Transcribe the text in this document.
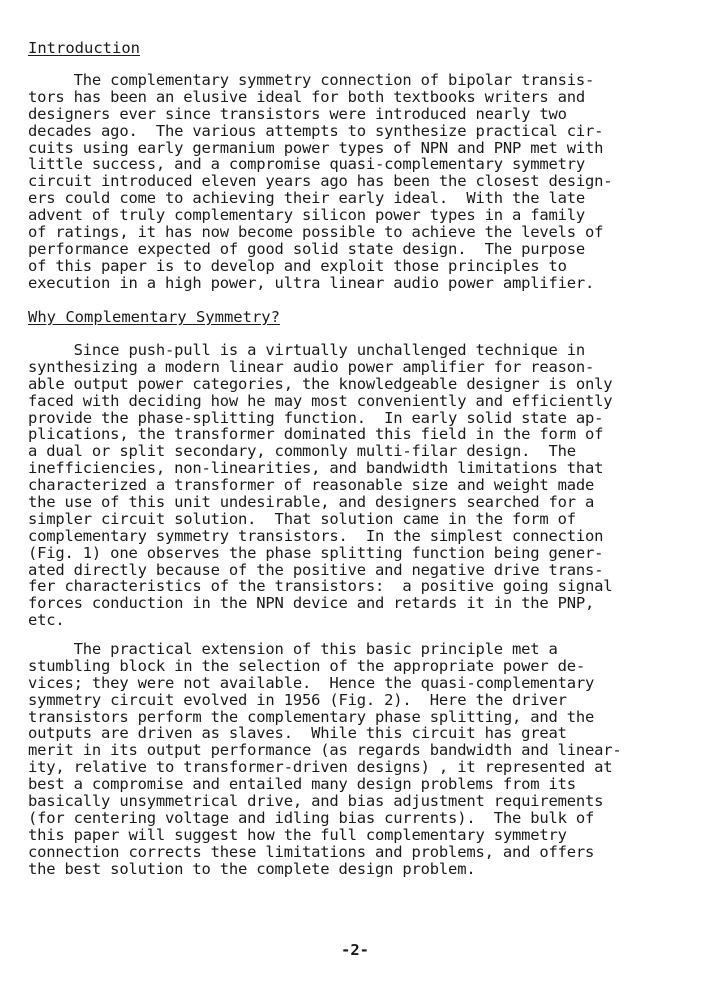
Introduction
The complementary symmetry connection of bipolar transis-
tors has been an elusive ideal for both textbooks writers and
designers ever since transistors were introduced nearly two
decades ago.  The various attempts to synthesize practical cir-
cuits using early germanium power types of NPN and PNP met with
little success, and a compromise quasi-complementary symmetry
circuit introduced eleven years ago has been the closest design-
ers could come to achieving their early ideal.  With the late
advent of truly complementary silicon power types in a family
of ratings, it has now become possible to achieve the levels of
performance expected of good solid state design.  The purpose
of this paper is to develop and exploit those principles to
execution in a high power, ultra linear audio power amplifier.
Why Complementary Symmetry?
Since push-pull is a virtually unchallenged technique in
synthesizing a modern linear audio power amplifier for reason-
able output power categories, the knowledgeable designer is only
faced with deciding how he may most conveniently and efficiently
provide the phase-splitting function.  In early solid state ap-
plications, the transformer dominated this field in the form of
a dual or split secondary, commonly multi-filar design.  The
inefficiencies, non-linearities, and bandwidth limitations that
characterized a transformer of reasonable size and weight made
the use of this unit undesirable, and designers searched for a
simpler circuit solution.  That solution came in the form of
complementary symmetry transistors.  In the simplest connection
(Fig. 1) one observes the phase splitting function being gener-
ated directly because of the positive and negative drive trans-
fer characteristics of the transistors:  a positive going signal
forces conduction in the NPN device and retards it in the PNP,
etc.
The practical extension of this basic principle met a
stumbling block in the selection of the appropriate power de-
vices; they were not available.  Hence the quasi-complementary
symmetry circuit evolved in 1956 (Fig. 2).  Here the driver
transistors perform the complementary phase splitting, and the
outputs are driven as slaves.  While this circuit has great
merit in its output performance (as regards bandwidth and linear-
ity, relative to transformer-driven designs) , it represented at
best a compromise and entailed many design problems from its
basically unsymmetrical drive, and bias adjustment requirements
(for centering voltage and idling bias currents).  The bulk of
this paper will suggest how the full complementary symmetry
connection corrects these limitations and problems, and offers
the best solution to the complete design problem.
-2-
